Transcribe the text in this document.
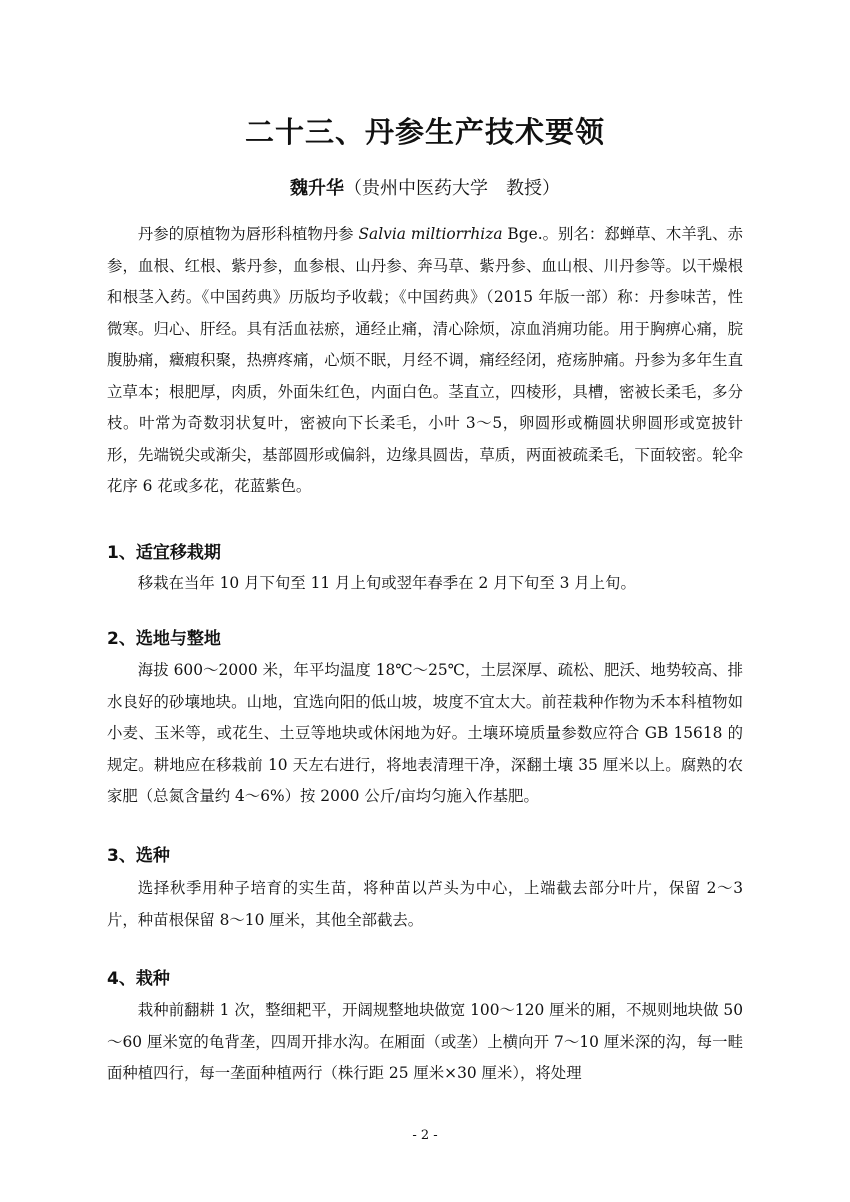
二十三、丹参生产技术要领
魏升华（贵州中医药大学　教授）

丹参的原植物为唇形科植物丹参 Salvia miltiorrhiza Bge.。别名：郄蝉草、木羊乳、赤参，血根、红根、紫丹参，血参根、山丹参、奔马草、紫丹参、血山根、川丹参等。以干燥根和根茎入药。《中国药典》历版均予收载；《中国药典》（2015 年版一部）称：丹参味苦，性微寒。归心、肝经。具有活血祛瘀，通经止痛，清心除烦，凉血消痈功能。用于胸痹心痛，脘腹胁痛，癥瘕积聚，热痹疼痛，心烦不眠，月经不调，痛经经闭，疮疡肿痛。丹参为多年生直立草本；根肥厚，肉质，外面朱红色，内面白色。茎直立，四棱形，具槽，密被长柔毛，多分枝。叶常为奇数羽状复叶，密被向下长柔毛，小叶 3～5，卵圆形或椭圆状卵圆形或宽披针形，先端锐尖或渐尖，基部圆形或偏斜，边缘具圆齿，草质，两面被疏柔毛，下面较密。轮伞花序 6 花或多花，花蓝紫色。

1、适宜移栽期

移栽在当年 10 月下旬至 11 月上旬或翌年春季在 2 月下旬至 3 月上旬。

2、选地与整地

海拔 600～2000 米，年平均温度 18℃～25℃，土层深厚、疏松、肥沃、地势较高、排水良好的砂壤地块。山地，宜选向阳的低山坡，坡度不宜太大。前茬栽种作物为禾本科植物如小麦、玉米等，或花生、土豆等地块或休闲地为好。土壤环境质量参数应符合 GB 15618 的规定。耕地应在移栽前 10 天左右进行，将地表清理干净，深翻土壤 35 厘米以上。腐熟的农家肥（总氮含量约 4～6%）按 2000 公斤/亩均匀施入作基肥。

3、选种

选择秋季用种子培育的实生苗，将种苗以芦头为中心，上端截去部分叶片，保留 2～3 片，种苗根保留 8～10 厘米，其他全部截去。

4、栽种

栽种前翻耕 1 次，整细耙平，开阔规整地块做宽 100～120 厘米的厢，不规则地块做 50～60 厘米宽的龟背垄，四周开排水沟。在厢面（或垄）上横向开 7～10 厘米深的沟，每一畦面种植四行，每一垄面种植两行（株行距 25 厘米×30 厘米），将处理

- 2 -
